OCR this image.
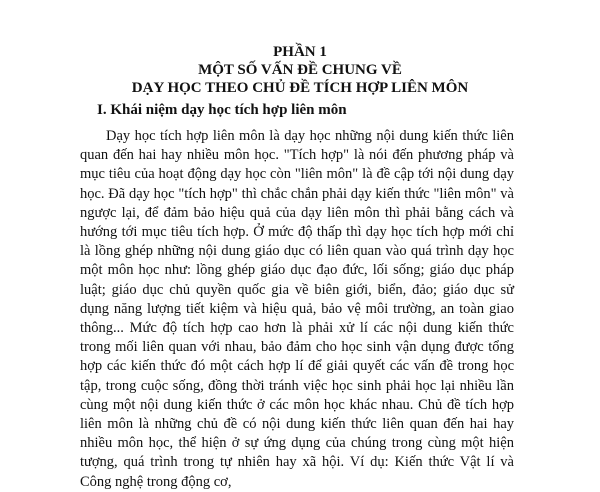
PHẦN 1
MỘT SỐ VẤN ĐỀ CHUNG VỀ
DẠY HỌC THEO CHỦ ĐỀ TÍCH HỢP LIÊN MÔN
I. Khái niệm dạy học tích hợp liên môn

Dạy học tích hợp liên môn là dạy học những nội dung kiến thức liên quan đến hai hay nhiều môn học. "Tích hợp" là nói đến phương pháp và mục tiêu của hoạt động dạy học còn "liên môn" là đề cập tới nội dung dạy học. Đã dạy học "tích hợp" thì chắc chắn phải dạy kiến thức "liên môn" và ngược lại, để đảm bảo hiệu quả của dạy liên môn thì phải bằng cách và hướng tới mục tiêu tích hợp. Ở mức độ thấp thì dạy học tích hợp mới chỉ là lồng ghép những nội dung giáo dục có liên quan vào quá trình dạy học một môn học như: lồng ghép giáo dục đạo đức, lối sống; giáo dục pháp luật; giáo dục chủ quyền quốc gia về biên giới, biển, đảo; giáo dục sử dụng năng lượng tiết kiệm và hiệu quả, bảo vệ môi trường, an toàn giao thông... Mức độ tích hợp cao hơn là phải xử lí các nội dung kiến thức trong mối liên quan với nhau, bảo đảm cho học sinh vận dụng được tổng hợp các kiến thức đó một cách hợp lí để giải quyết các vấn đề trong học tập, trong cuộc sống, đồng thời tránh việc học sinh phải học lại nhiều lần cùng một nội dung kiến thức ở các môn học khác nhau. Chủ đề tích hợp liên môn là những chủ đề có nội dung kiến thức liên quan đến hai hay nhiều môn học, thể hiện ở sự ứng dụng của chúng trong cùng một hiện tượng, quá trình trong tự nhiên hay xã hội. Ví dụ: Kiến thức Vật lí và Công nghệ trong động cơ,
